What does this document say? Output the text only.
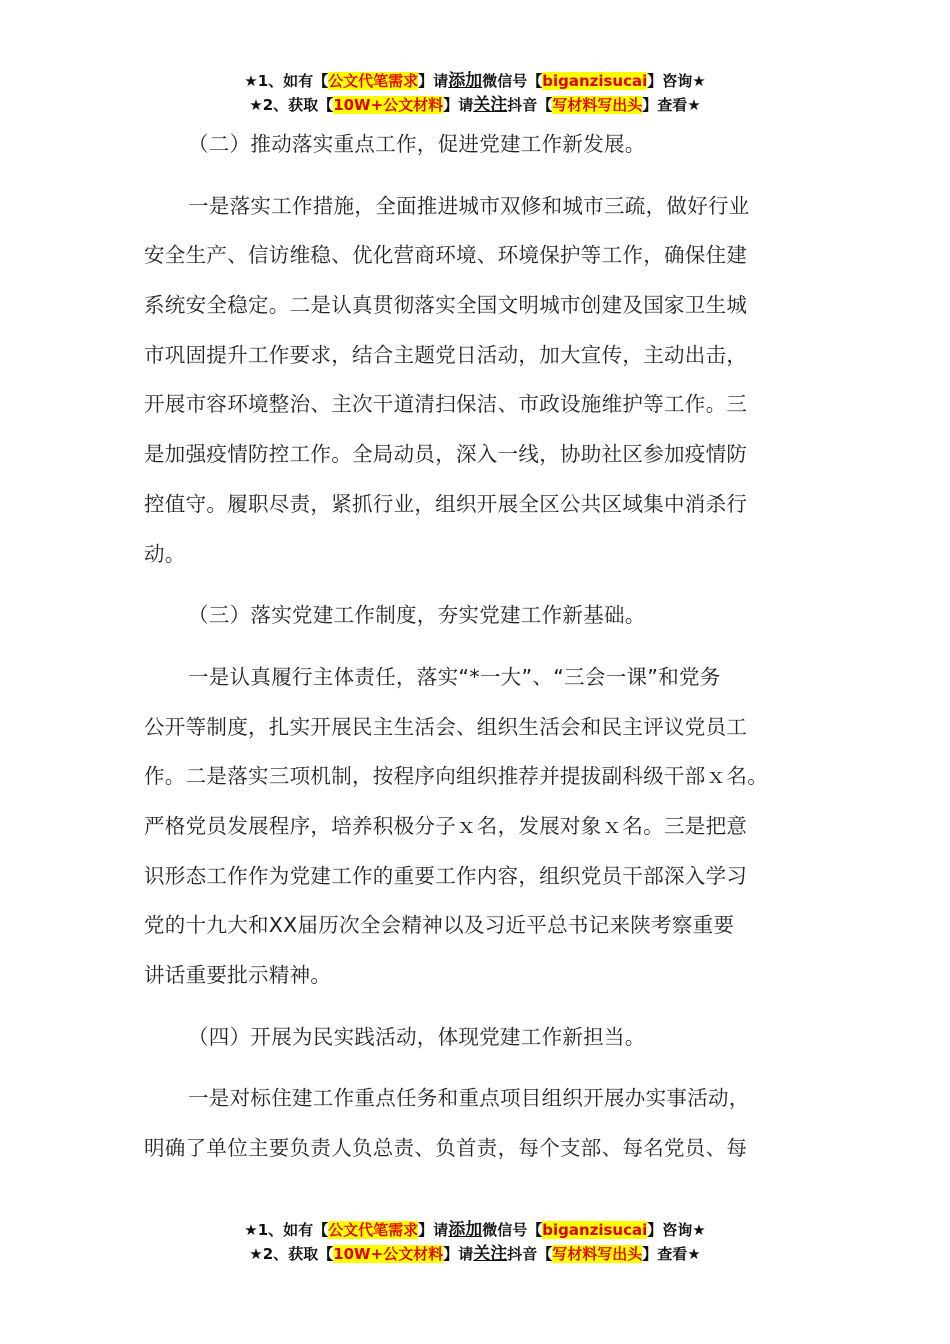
★1、如有【公文代笔需求】请添加微信号【biganzisucai】咨询★
★2、获取【10W+公文材料】请关注抖音【写材料写出头】查看★
（二）推动落实重点工作，促进党建工作新发展。
一是落实工作措施，全面推进城市双修和城市三疏，做好行业
安全生产、信访维稳、优化营商环境、环境保护等工作，确保住建
系统安全稳定。二是认真贯彻落实全国文明城市创建及国家卫生城
市巩固提升工作要求，结合主题党日活动，加大宣传，主动出击，
开展市容环境整治、主次干道清扫保洁、市政设施维护等工作。三
是加强疫情防控工作。全局动员，深入一线，协助社区参加疫情防
控值守。履职尽责，紧抓行业，组织开展全区公共区域集中消杀行
动。
（三）落实党建工作制度，夯实党建工作新基础。
一是认真履行主体责任，落实“*一大”、“三会一课”和党务
公开等制度，扎实开展民主生活会、组织生活会和民主评议党员工
作。二是落实三项机制，按程序向组织推荐并提拔副科级干部ｘ名。
严格党员发展程序，培养积极分子ｘ名，发展对象ｘ名。三是把意
识形态工作作为党建工作的重要工作内容，组织党员干部深入学习
党的十九大和XX届历次全会精神以及习近平总书记来陕考察重要
讲话重要批示精神。
（四）开展为民实践活动，体现党建工作新担当。
一是对标住建工作重点任务和重点项目组织开展办实事活动，
明确了单位主要负责人负总责、负首责，每个支部、每名党员、每
★1、如有【公文代笔需求】请添加微信号【biganzisucai】咨询★
★2、获取【10W+公文材料】请关注抖音【写材料写出头】查看★
